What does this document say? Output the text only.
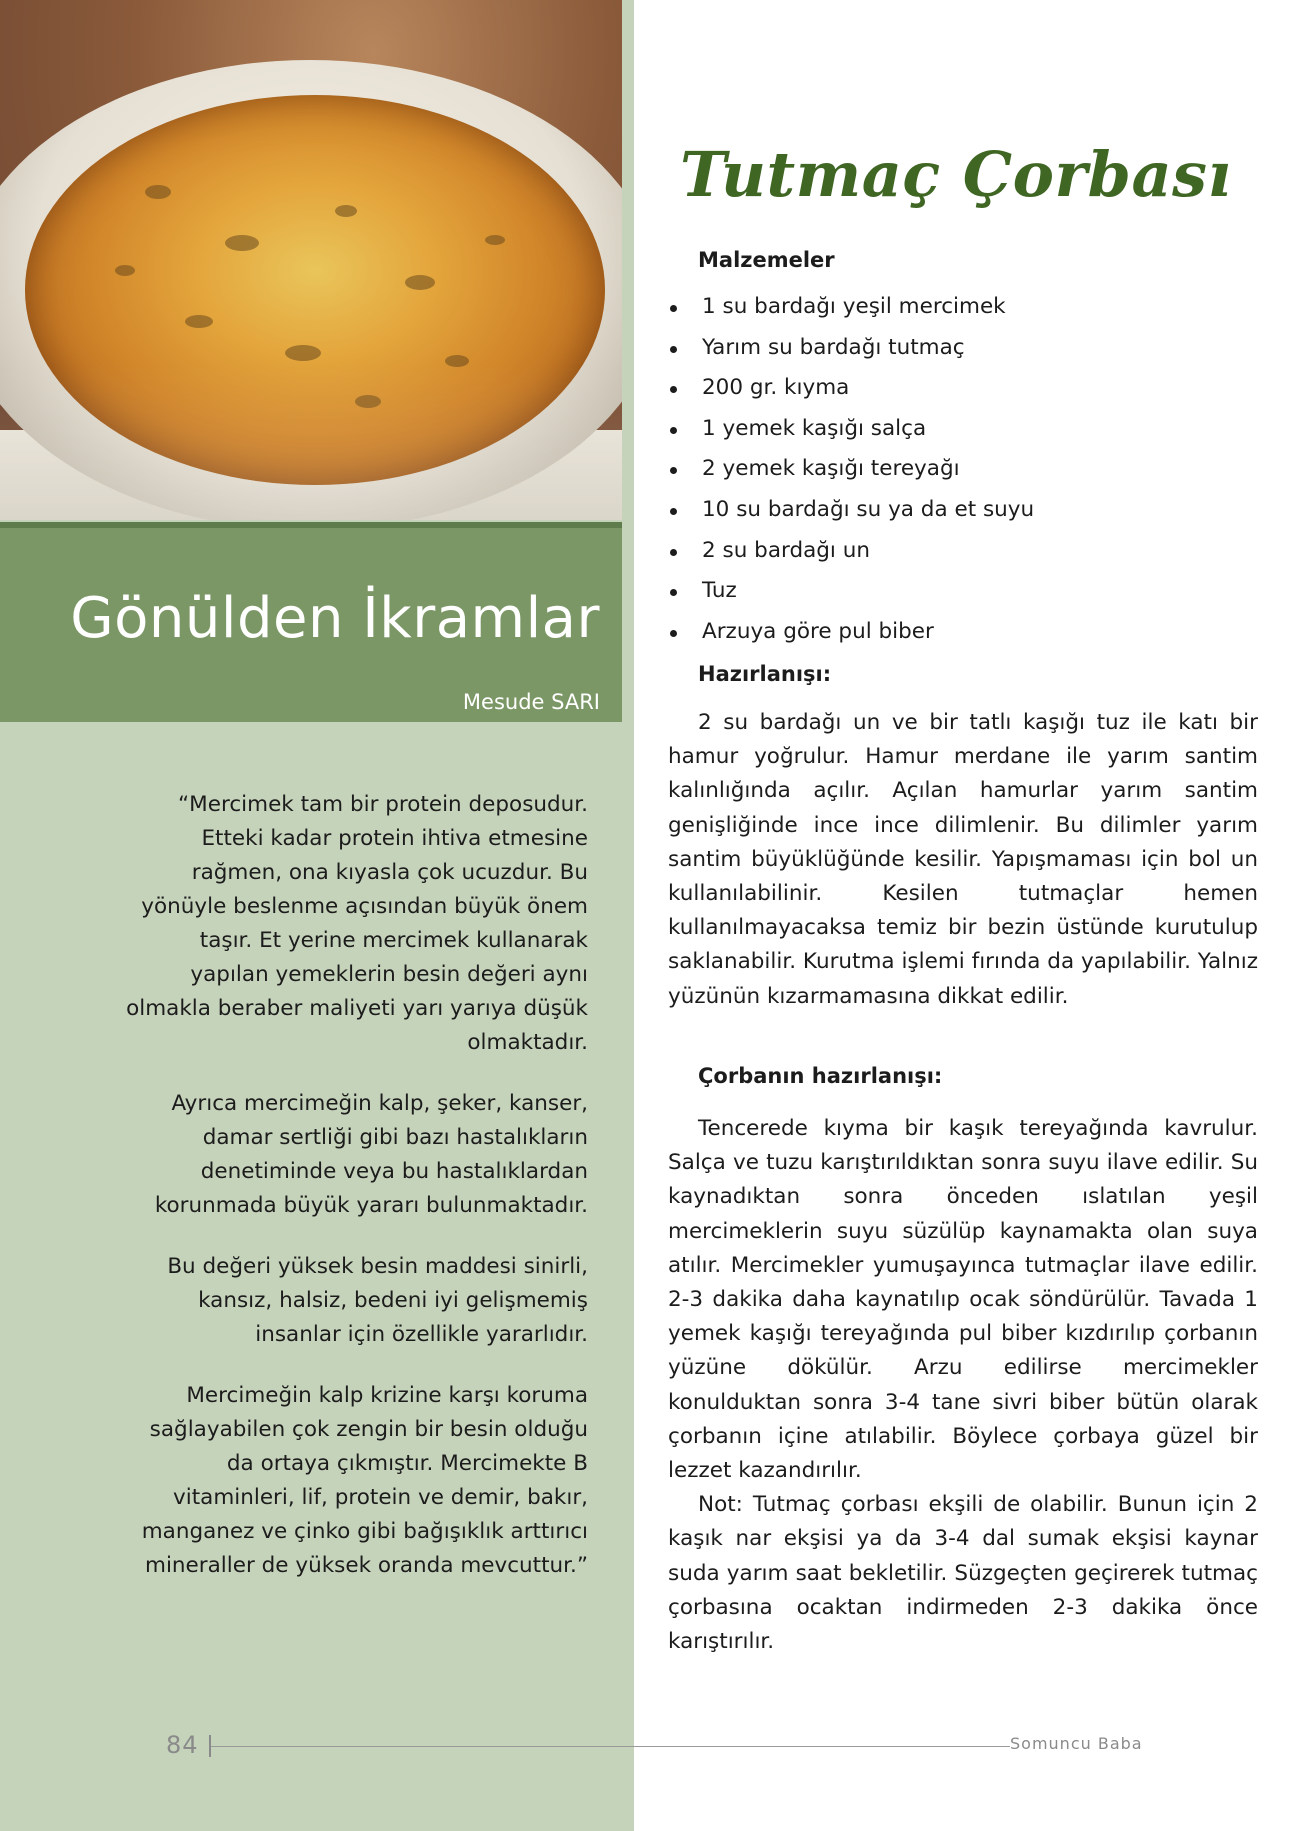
Gönülden İkramlar
Mesude SARI

“Mercimek tam bir protein deposudur. Etteki kadar protein ihtiva etmesine rağmen, ona kıyasla çok ucuzdur. Bu yönüyle beslenme açısından büyük önem taşır. Et yerine mercimek kullanarak yapılan yemeklerin besin değeri aynı olmakla beraber maliyeti yarı yarıya düşük olmaktadır.

Ayrıca mercimeğin kalp, şeker, kanser, damar sertliği gibi bazı hastalıkların denetiminde veya bu hastalıklardan korunmada büyük yararı bulunmaktadır.

Bu değeri yüksek besin maddesi sinirli, kansız, halsiz, bedeni iyi gelişmemiş insanlar için özellikle yararlıdır.

Mercimeğin kalp krizine karşı koruma sağlayabilen çok zengin bir besin olduğu da ortaya çıkmıştır. Mercimekte B vitaminleri, lif, protein ve demir, bakır, manganez ve çinko gibi bağışıklık arttırıcı mineraller de yüksek oranda mevcuttur.”

Tutmaç Çorbası
Malzemeler
1 su bardağı yeşil mercimek
Yarım su bardağı tutmaç
200 gr. kıyma
1 yemek kaşığı salça
2 yemek kaşığı tereyağı
10 su bardağı su ya da et suyu
2 su bardağı un
Tuz
Arzuya göre pul biber
Hazırlanışı:

2 su bardağı un ve bir tatlı kaşığı tuz ile katı bir hamur yoğrulur. Hamur merdane ile yarım santim kalınlığında açılır. Açılan hamurlar yarım santim genişliğinde ince ince dilimlenir. Bu dilimler yarım santim büyüklüğünde kesilir. Yapışmaması için bol un kullanılabilinir. Kesilen tutmaçlar hemen kullanılmayacaksa temiz bir bezin üstünde kurutulup saklanabilir. Kurutma işlemi fırında da yapılabilir. Yalnız yüzünün kızarmamasına dikkat edilir.

Çorbanın hazırlanışı:

Tencerede kıyma bir kaşık tereyağında kavrulur. Salça ve tuzu karıştırıldıktan sonra suyu ilave edilir. Su kaynadıktan sonra önceden ıslatılan yeşil mercimeklerin suyu süzülüp kaynamakta olan suya atılır. Mercimekler yumuşayınca tutmaçlar ilave edilir. 2-3 dakika daha kaynatılıp ocak söndürülür. Tavada 1 yemek kaşığı tereyağında pul biber kızdırılıp çorbanın yüzüne dökülür. Arzu edilirse mercimekler konulduktan sonra 3-4 tane sivri biber bütün olarak çorbanın içine atılabilir. Böylece çorbaya güzel bir lezzet kazandırılır.

Not: Tutmaç çorbası ekşili de olabilir. Bunun için 2 kaşık nar ekşisi ya da 3-4 dal sumak ekşisi kaynar suda yarım saat bekletilir. Süzgeçten geçirerek tutmaç çorbasına ocaktan indirmeden 2-3 dakika önce karıştırılır.

84	Somuncu Baba
